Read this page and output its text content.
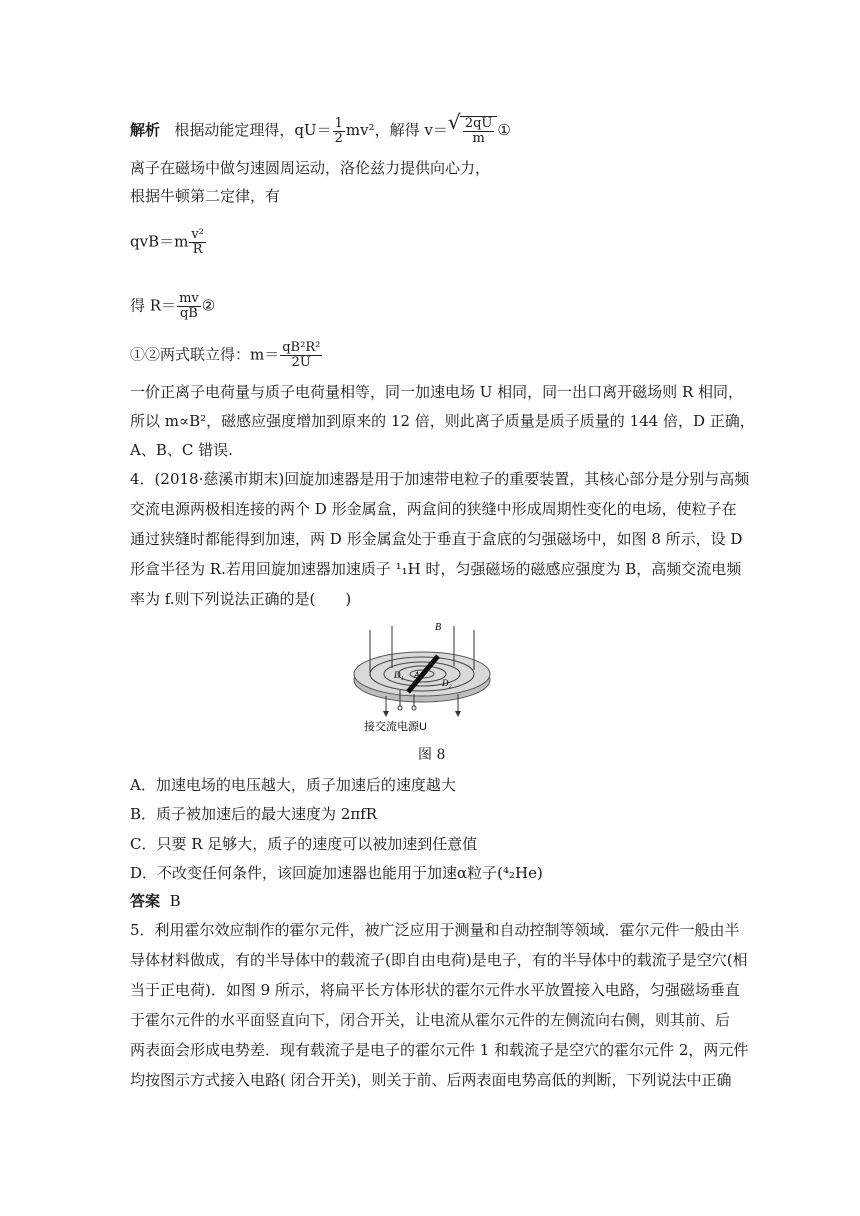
解析 根据动能定理得，$qU= \frac{1}{2} mv^2$，解得 v＝ √ $\frac{2qU}{m}$ ①
离子在磁场中做匀速圆周运动，洛伦兹力提供向心力，
根据牛顿第二定律，有
$qvB=m \frac{\text{v²}}{R}$
得 $R= \frac{mv}{qB}$ ②
①②两式联立得：$m= \frac{\text{qB²R²}}{2U}$
一价正离子电荷量与质子电荷量相等，同一加速电场 U 相同，同一出口离开磁场则 R 相同，
所以 m∝B²，磁感应强度增加到原来的 12 倍，则此离子质量是质子质量的 144 倍，D 正确，
A、B、C 错误.
4．(2018·慈溪市期末)回旋加速器是用于加速带电粒子的重要装置，其核心部分是分别与高频
交流电源两极相连接的两个 D 形金属盒，两盒间的狭缝中形成周期性变化的电场，使粒子在
通过狭缝时都能得到加速，两 D 形金属盒处于垂直于盒底的匀强磁场中，如图 8 所示，设 D
形盒半径为 R.若用回旋加速器加速质子 ¹₁H 时，匀强磁场的磁感应强度为 B，高频交流电频
率为 f.则下列说法正确的是(　　)
B
A
D₁
D₂
接交流电源U
图 8
A．加速电场的电压越大，质子加速后的速度越大
B．质子被加速后的最大速度为 2πfR
C．只要 R 足够大，质子的速度可以被加速到任意值
D．不改变任何条件，该回旋加速器也能用于加速α粒子(⁴₂He)
答案 B
5．利用霍尔效应制作的霍尔元件，被广泛应用于测量和自动控制等领域．霍尔元件一般由半
导体材料做成，有的半导体中的载流子(即自由电荷)是电子，有的半导体中的载流子是空穴(相
当于正电荷)．如图 9 所示，将扁平长方体形状的霍尔元件水平放置接入电路，匀强磁场垂直
于霍尔元件的水平面竖直向下，闭合开关，让电流从霍尔元件的左侧流向右侧，则其前、后
两表面会形成电势差．现有载流子是电子的霍尔元件 1 和载流子是空穴的霍尔元件 2，两元件
均按图示方式接入电路( 闭合开关)，则关于前、后两表面电势高低的判断，下列说法中正确
